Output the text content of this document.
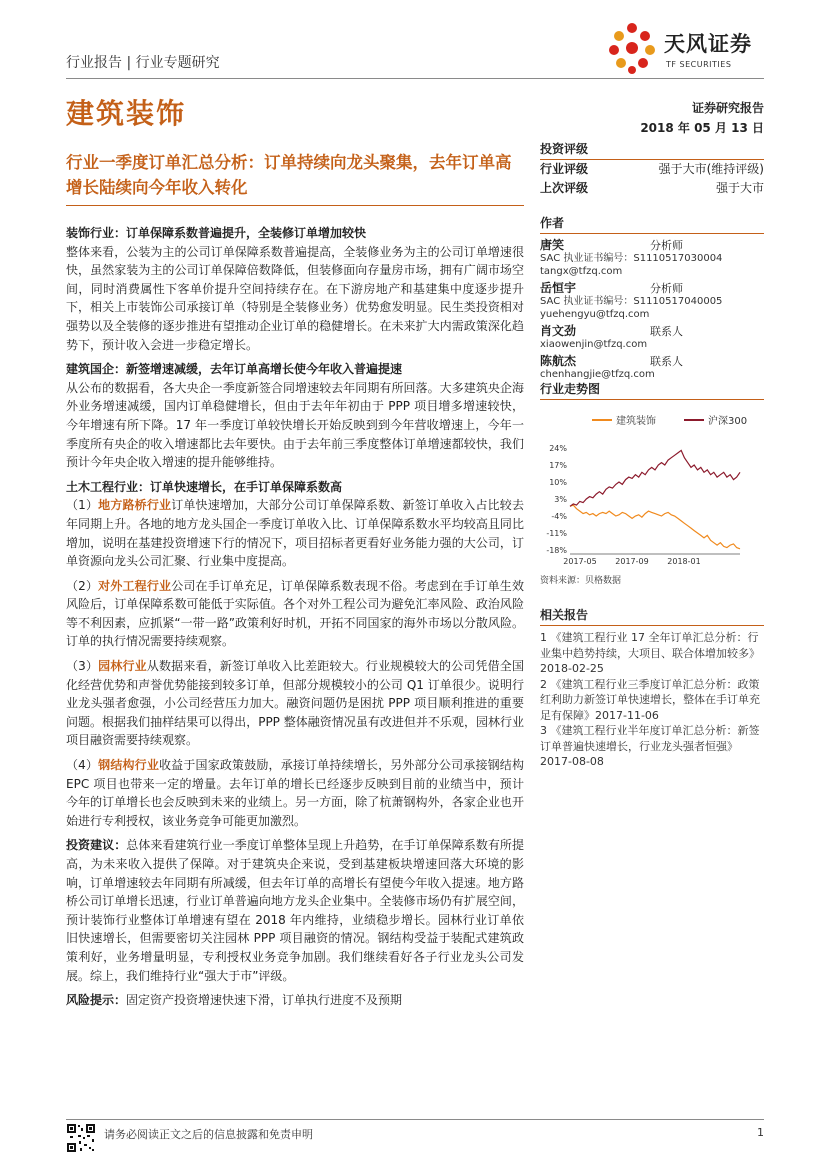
行业报告 | 行业专题研究
天风证券
TF SECURITIES
建筑装饰	证券研究报告
2018 年 05 月 13 日
行业一季度订单汇总分析：订单持续向龙头聚集，去年订单高增长陆续向今年收入转化

装饰行业：订单保障系数普遍提升，全装修订单增加较快

整体来看，公装为主的公司订单保障系数普遍提高，全装修业务为主的公司订单增速很快，虽然家装为主的公司订单保障倍数降低，但装修面向存量房市场，拥有广阔市场空间，同时消费属性下客单价提升空间持续存在。在下游房地产和基建集中度逐步提升下，相关上市装饰公司承接订单（特别是全装修业务）优势愈发明显。民生类投资相对强势以及全装修的逐步推进有望推动企业订单的稳健增长。在未来扩大内需政策深化趋势下，预计收入会进一步稳定增长。

建筑国企：新签增速减缓，去年订单高增长使今年收入普遍提速

从公布的数据看，各大央企一季度新签合同增速较去年同期有所回落。大多建筑央企海外业务增速减缓，国内订单稳健增长，但由于去年年初由于 PPP 项目增多增速较快，今年增速有所下降。17 年一季度订单较快增长开始反映到到今年营收增速上，今年一季度所有央企的收入增速都比去年要快。由于去年前三季度整体订单增速都较快，我们预计今年央企收入增速的提升能够维持。

土木工程行业：订单快速增长，在手订单保障系数高

（1）地方路桥行业订单快速增加，大部分公司订单保障系数、新签订单收入占比较去年同期上升。各地的地方龙头国企一季度订单收入比、订单保障系数水平均较高且同比增加，说明在基建投资增速下行的情况下，项目招标者更看好业务能力强的大公司，订单资源向龙头公司汇聚、行业集中度提高。

（2）对外工程行业公司在手订单充足，订单保障系数表现不俗。考虑到在手订单生效风险后，订单保障系数可能低于实际值。各个对外工程公司为避免汇率风险、政治风险等不利因素，应抓紧“一带一路”政策利好时机，开拓不同国家的海外市场以分散风险。订单的执行情况需要持续观察。

（3）园林行业从数据来看，新签订单收入比差距较大。行业规模较大的公司凭借全国化经营优势和声誉优势能接到较多订单，但部分规模较小的公司 Q1 订单很少。说明行业龙头强者愈强，小公司经营压力加大。融资问题仍是困扰 PPP 项目顺利推进的重要问题。根据我们抽样结果可以得出，PPP 整体融资情况虽有改进但并不乐观，园林行业项目融资需要持续观察。

（4）钢结构行业收益于国家政策鼓励，承接订单持续增长，另外部分公司承接钢结构 EPC 项目也带来一定的增量。去年订单的增长已经逐步反映到目前的业绩当中，预计今年的订单增长也会反映到未来的业绩上。另一方面，除了杭萧钢构外，各家企业也开始进行专利授权，该业务竞争可能更加激烈。

投资建议：总体来看建筑行业一季度订单整体呈现上升趋势，在手订单保障系数有所提高，为未来收入提供了保障。对于建筑央企来说，受到基建板块增速回落大环境的影响，订单增速较去年同期有所减缓，但去年订单的高增长有望使今年收入提速。地方路桥公司订单增长迅速，行业订单普遍向地方龙头企业集中。全装修市场仍有扩展空间，预计装饰行业整体订单增速有望在 2018 年内维持，业绩稳步增长。园林行业订单依旧快速增长，但需要密切关注园林 PPP 项目融资的情况。钢结构受益于装配式建筑政策利好，业务增量明显，专利授权业务竞争加剧。我们继续看好各子行业龙头公司发展。综上，我们维持行业“强大于市”评级。

风险提示：固定资产投资增速快速下滑，订单执行进度不及预期

投资评级
行业评级	强于大市(维持评级)
上次评级	强于大市
作者
唐笑	分析师
SAC 执业证书编号：S1110517030004
tangx@tfzq.com
岳恒宇	分析师
SAC 执业证书编号：S1110517040005
yuehengyu@tfzq.com
肖文劲	联系人
xiaowenjin@tfzq.com
陈航杰	联系人
chenhangjie@tfzq.com
行业走势图
建筑装饰	沪深300
24%
17%
10%
3%
-4%
-11%
-18%
2017-05 2017-09 2018-01
资料来源：贝格数据
相关报告
1 《建筑工程行业 17 全年订单汇总分析：行业集中趋势持续，大项目、联合体增加较多》 2018-02-25
2 《建筑工程行业三季度订单汇总分析：政策红利助力新签订单快速增长，整体在手订单充足有保障》2017-11-06
3 《建筑工程行业半年度订单汇总分析：新签订单普遍快速增长，行业龙头强者恒强》 2017-08-08
请务必阅读正文之后的信息披露和免责申明	1
